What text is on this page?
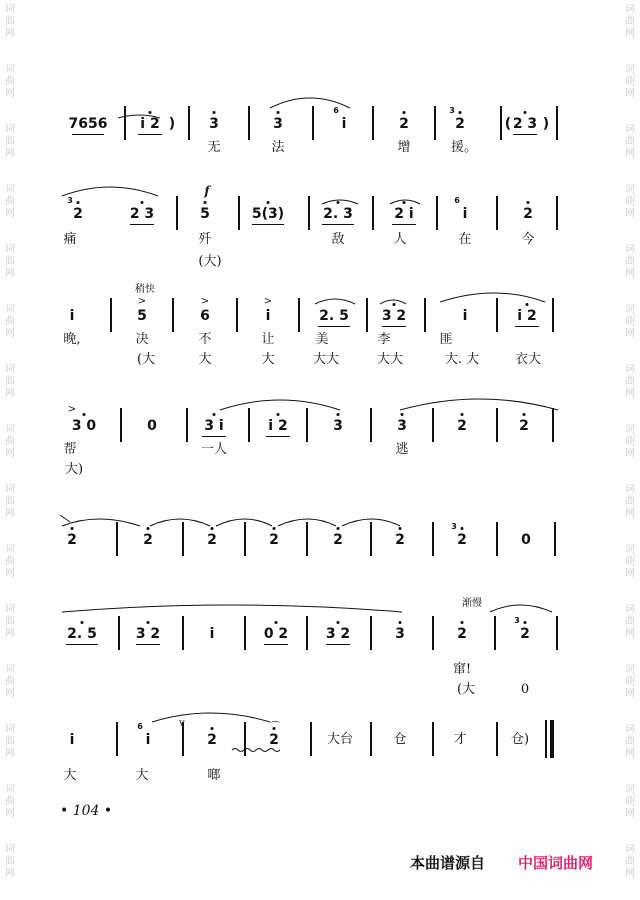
7656 i 2	3	3	i
6
2	2
3
2 3
无	法	增	援。
2
3
2 3	5	5(3)	2. 3	2 i	i
6
2
痛	歼	敌	人	在	今
(大)
f
i	5	6	i	2. 5 3 2	i	i 2
晚,	决	不	让	美	李	匪
(大	大	大	大大	大大	大. 大	衣大
稍快
3 0	0	3 i	i 2	3	3	2	2
帮	一人	逃
大)
2	2	2	2	2	2	2
3
0
2. 5	3 2	i	0 2	3 2	3	2	2
3
窜!
(大	0
渐慢
i	i
6
2	2
大	大	啷
大台	仓	才	仓)
>	>	>
>
v	⌒
)	( )
• 104 •
本曲谱源自 中国词曲网
词
曲
网
词
曲
网
词
曲
网
词
曲
网
词
曲
网
词
曲
网
词
曲
网
词
曲
网
词
曲
网
词
曲
网
词
曲
网
词
曲
网
词
曲
网
词
曲
网
词
曲
网
词
曲
网
词
曲
网
词
曲
网
词
曲
网
词
曲
网
词
曲
网
词
曲
网
词
曲
网
词
曲
网
词
曲
网
词
曲
网
词
曲
网
词
曲
网
词
曲
网
词
曲
网
